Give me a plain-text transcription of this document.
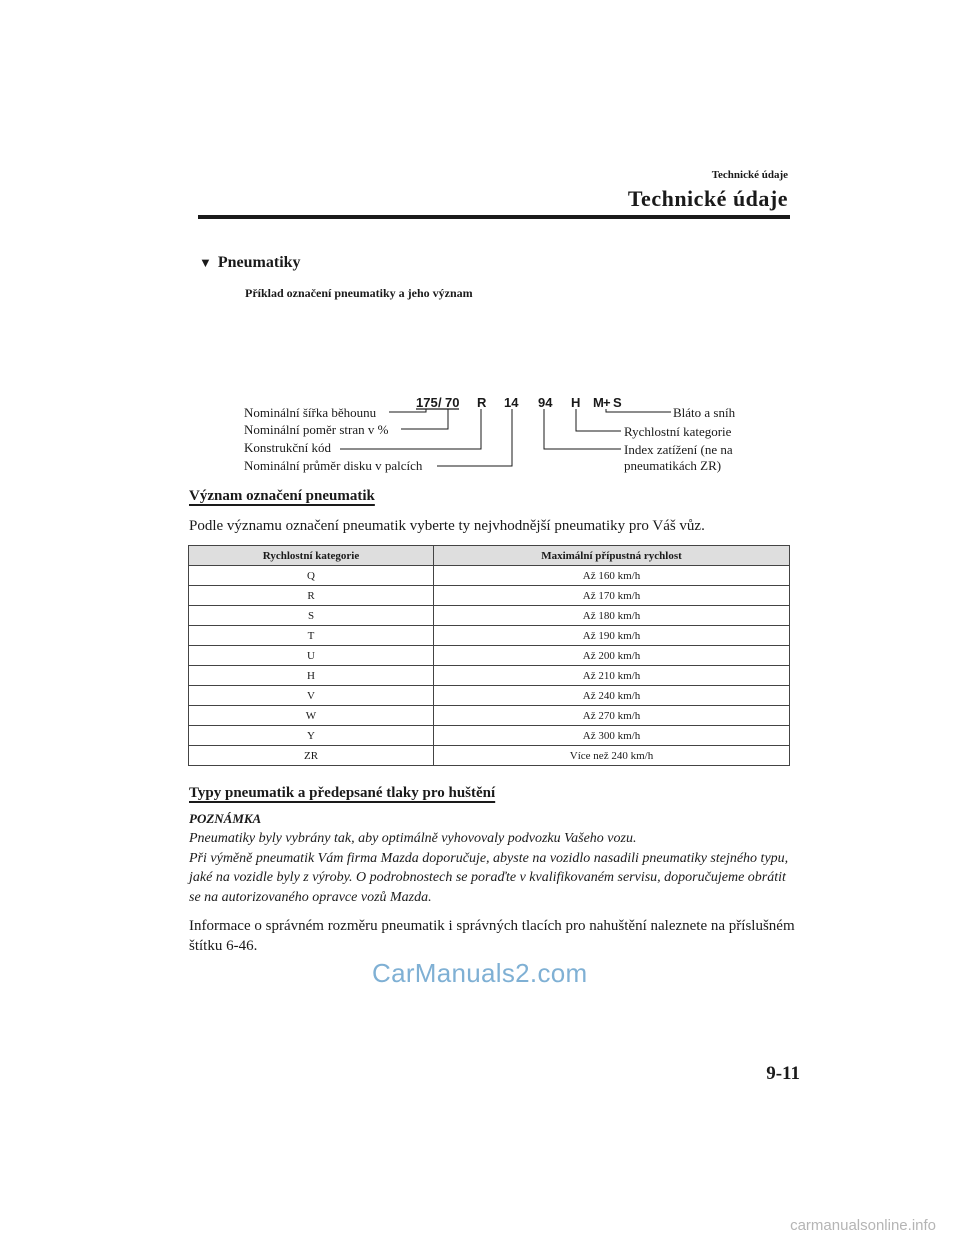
Technické údaje
Technické údaje
▼ Pneumatiky
Příklad označení pneumatiky a jeho význam
175 / 70 R 14 94 H M + S
Nominální šířka běhounu
Nominální poměr stran v %
Konstrukční kód
Nominální průměr disku v palcích
Bláto a sníh
Rychlostní kategorie
Index zatížení (ne na
pneumatikách ZR)
Význam označení pneumatik
Podle významu označení pneumatik vyberte ty nejvhodnější pneumatiky pro Váš vůz.
Rychlostní kategorie	Maximální přípustná rychlost
Q	Až 160 km/h
R	Až 170 km/h
S	Až 180 km/h
T	Až 190 km/h
U	Až 200 km/h
H	Až 210 km/h
V	Až 240 km/h
W	Až 270 km/h
Y	Až 300 km/h
ZR	Více než 240 km/h
Typy pneumatik a předepsané tlaky pro huštění
POZNÁMKA
Pneumatiky byly vybrány tak, aby optimálně vyhovovaly podvozku Vašeho vozu.
Při výměně pneumatik Vám firma Mazda doporučuje, abyste na vozidlo nasadili pneumatiky stejného typu, jaké na vozidle byly z výroby. O podrobnostech se poraďte v kvalifikovaném servisu, doporučujeme obrátit se na autorizovaného opravce vozů Mazda.
Informace o správném rozměru pneumatik i správných tlacích pro nahuštění naleznete na příslušném štítku 6-46.
CarManuals2.com
9-11
carmanualsonline.info
